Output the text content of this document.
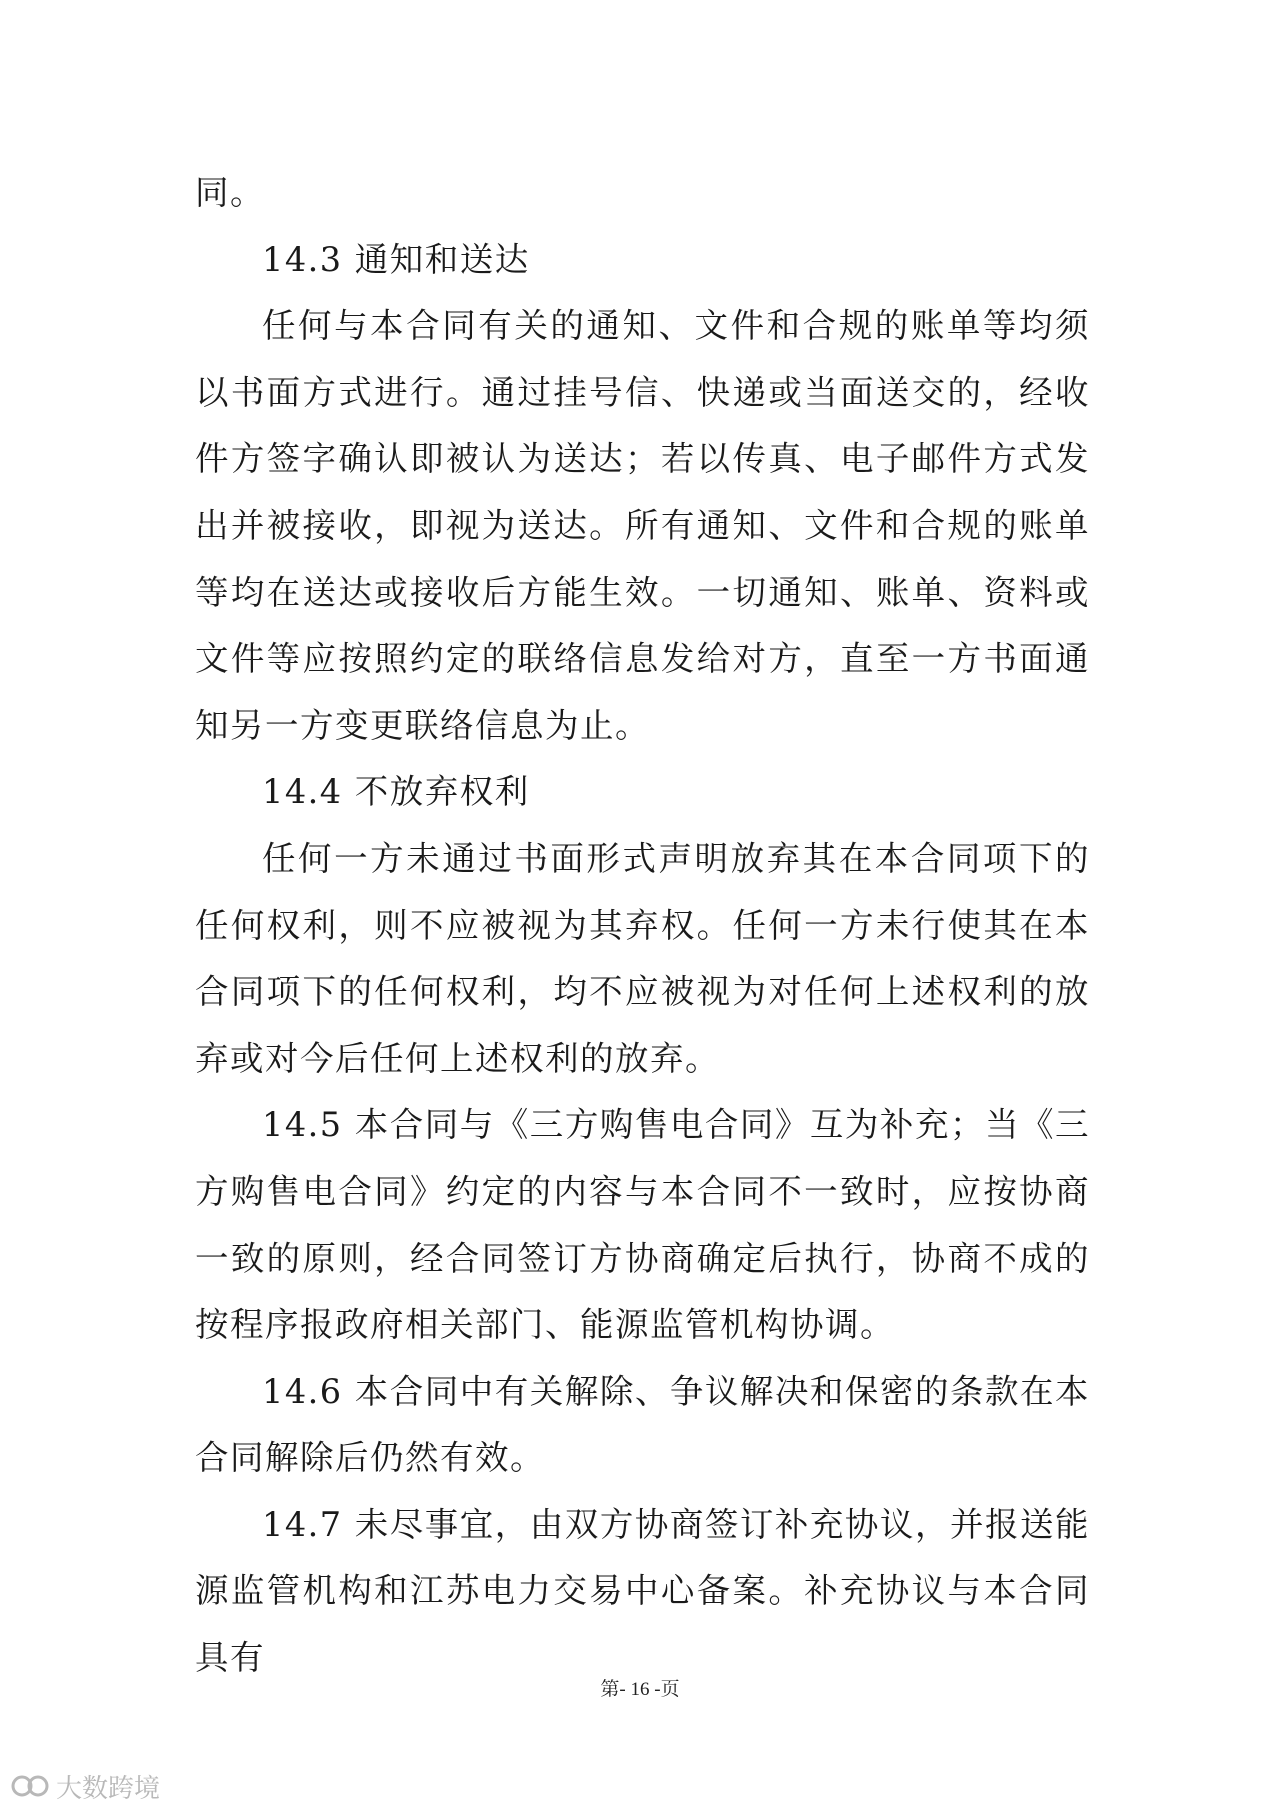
同。

14.3 通知和送达

任何与本合同有关的通知、文件和合规的账单等均须以书面方式进行。通过挂号信、快递或当面送交的，经收件方签字确认即被认为送达；若以传真、电子邮件方式发出并被接收，即视为送达。所有通知、文件和合规的账单等均在送达或接收后方能生效。一切通知、账单、资料或文件等应按照约定的联络信息发给对方，直至一方书面通知另一方变更联络信息为止。

14.4 不放弃权利

任何一方未通过书面形式声明放弃其在本合同项下的任何权利，则不应被视为其弃权。任何一方未行使其在本合同项下的任何权利，均不应被视为对任何上述权利的放弃或对今后任何上述权利的放弃。

14.5 本合同与《三方购售电合同》互为补充；当《三方购售电合同》约定的内容与本合同不一致时，应按协商一致的原则，经合同签订方协商确定后执行，协商不成的按程序报政府相关部门、能源监管机构协调。

14.6 本合同中有关解除、争议解决和保密的条款在本合同解除后仍然有效。

14.7 未尽事宜，由双方协商签订补充协议，并报送能源监管机构和江苏电力交易中心备案。补充协议与本合同具有

第- 16 -页
大数跨境
